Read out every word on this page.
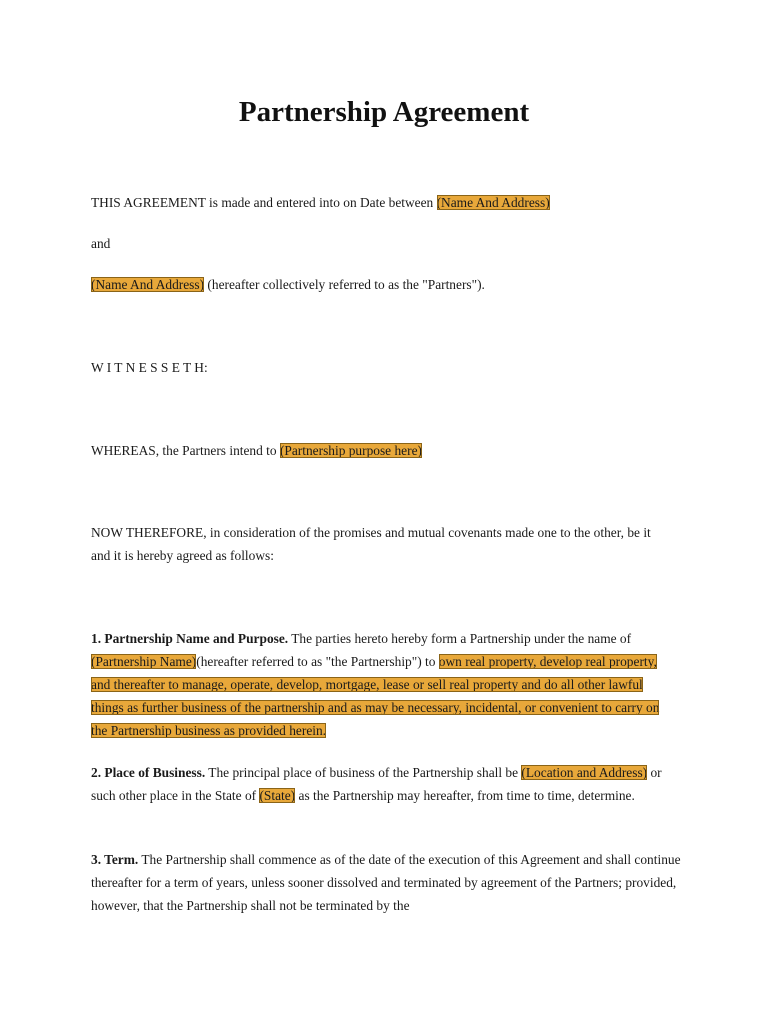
Partnership Agreement

THIS AGREEMENT is made and entered into on Date between (Name And Address)

and

(Name And Address) (hereafter collectively referred to as the "Partners").

W I T N E S S E T H:

WHEREAS, the Partners intend to (Partnership purpose here)

NOW THEREFORE, in consideration of the promises and mutual covenants made one to the other, be it and it is hereby agreed as follows:

1. Partnership Name and Purpose. The parties hereto hereby form a Partnership under the name of (Partnership Name)(hereafter referred to as "the Partnership") to own real property, develop real property, and thereafter to manage, operate, develop, mortgage, lease or sell real property and do all other lawful things as further business of the partnership and as may be necessary, incidental, or convenient to carry on the Partnership business as provided herein.

2. Place of Business. The principal place of business of the Partnership shall be (Location and Address) or such other place in the State of (State) as the Partnership may hereafter, from time to time, determine.

3. Term. The Partnership shall commence as of the date of the execution of this Agreement and shall continue thereafter for a term of years, unless sooner dissolved and terminated by agreement of the Partners; provided, however, that the Partnership shall not be terminated by the
